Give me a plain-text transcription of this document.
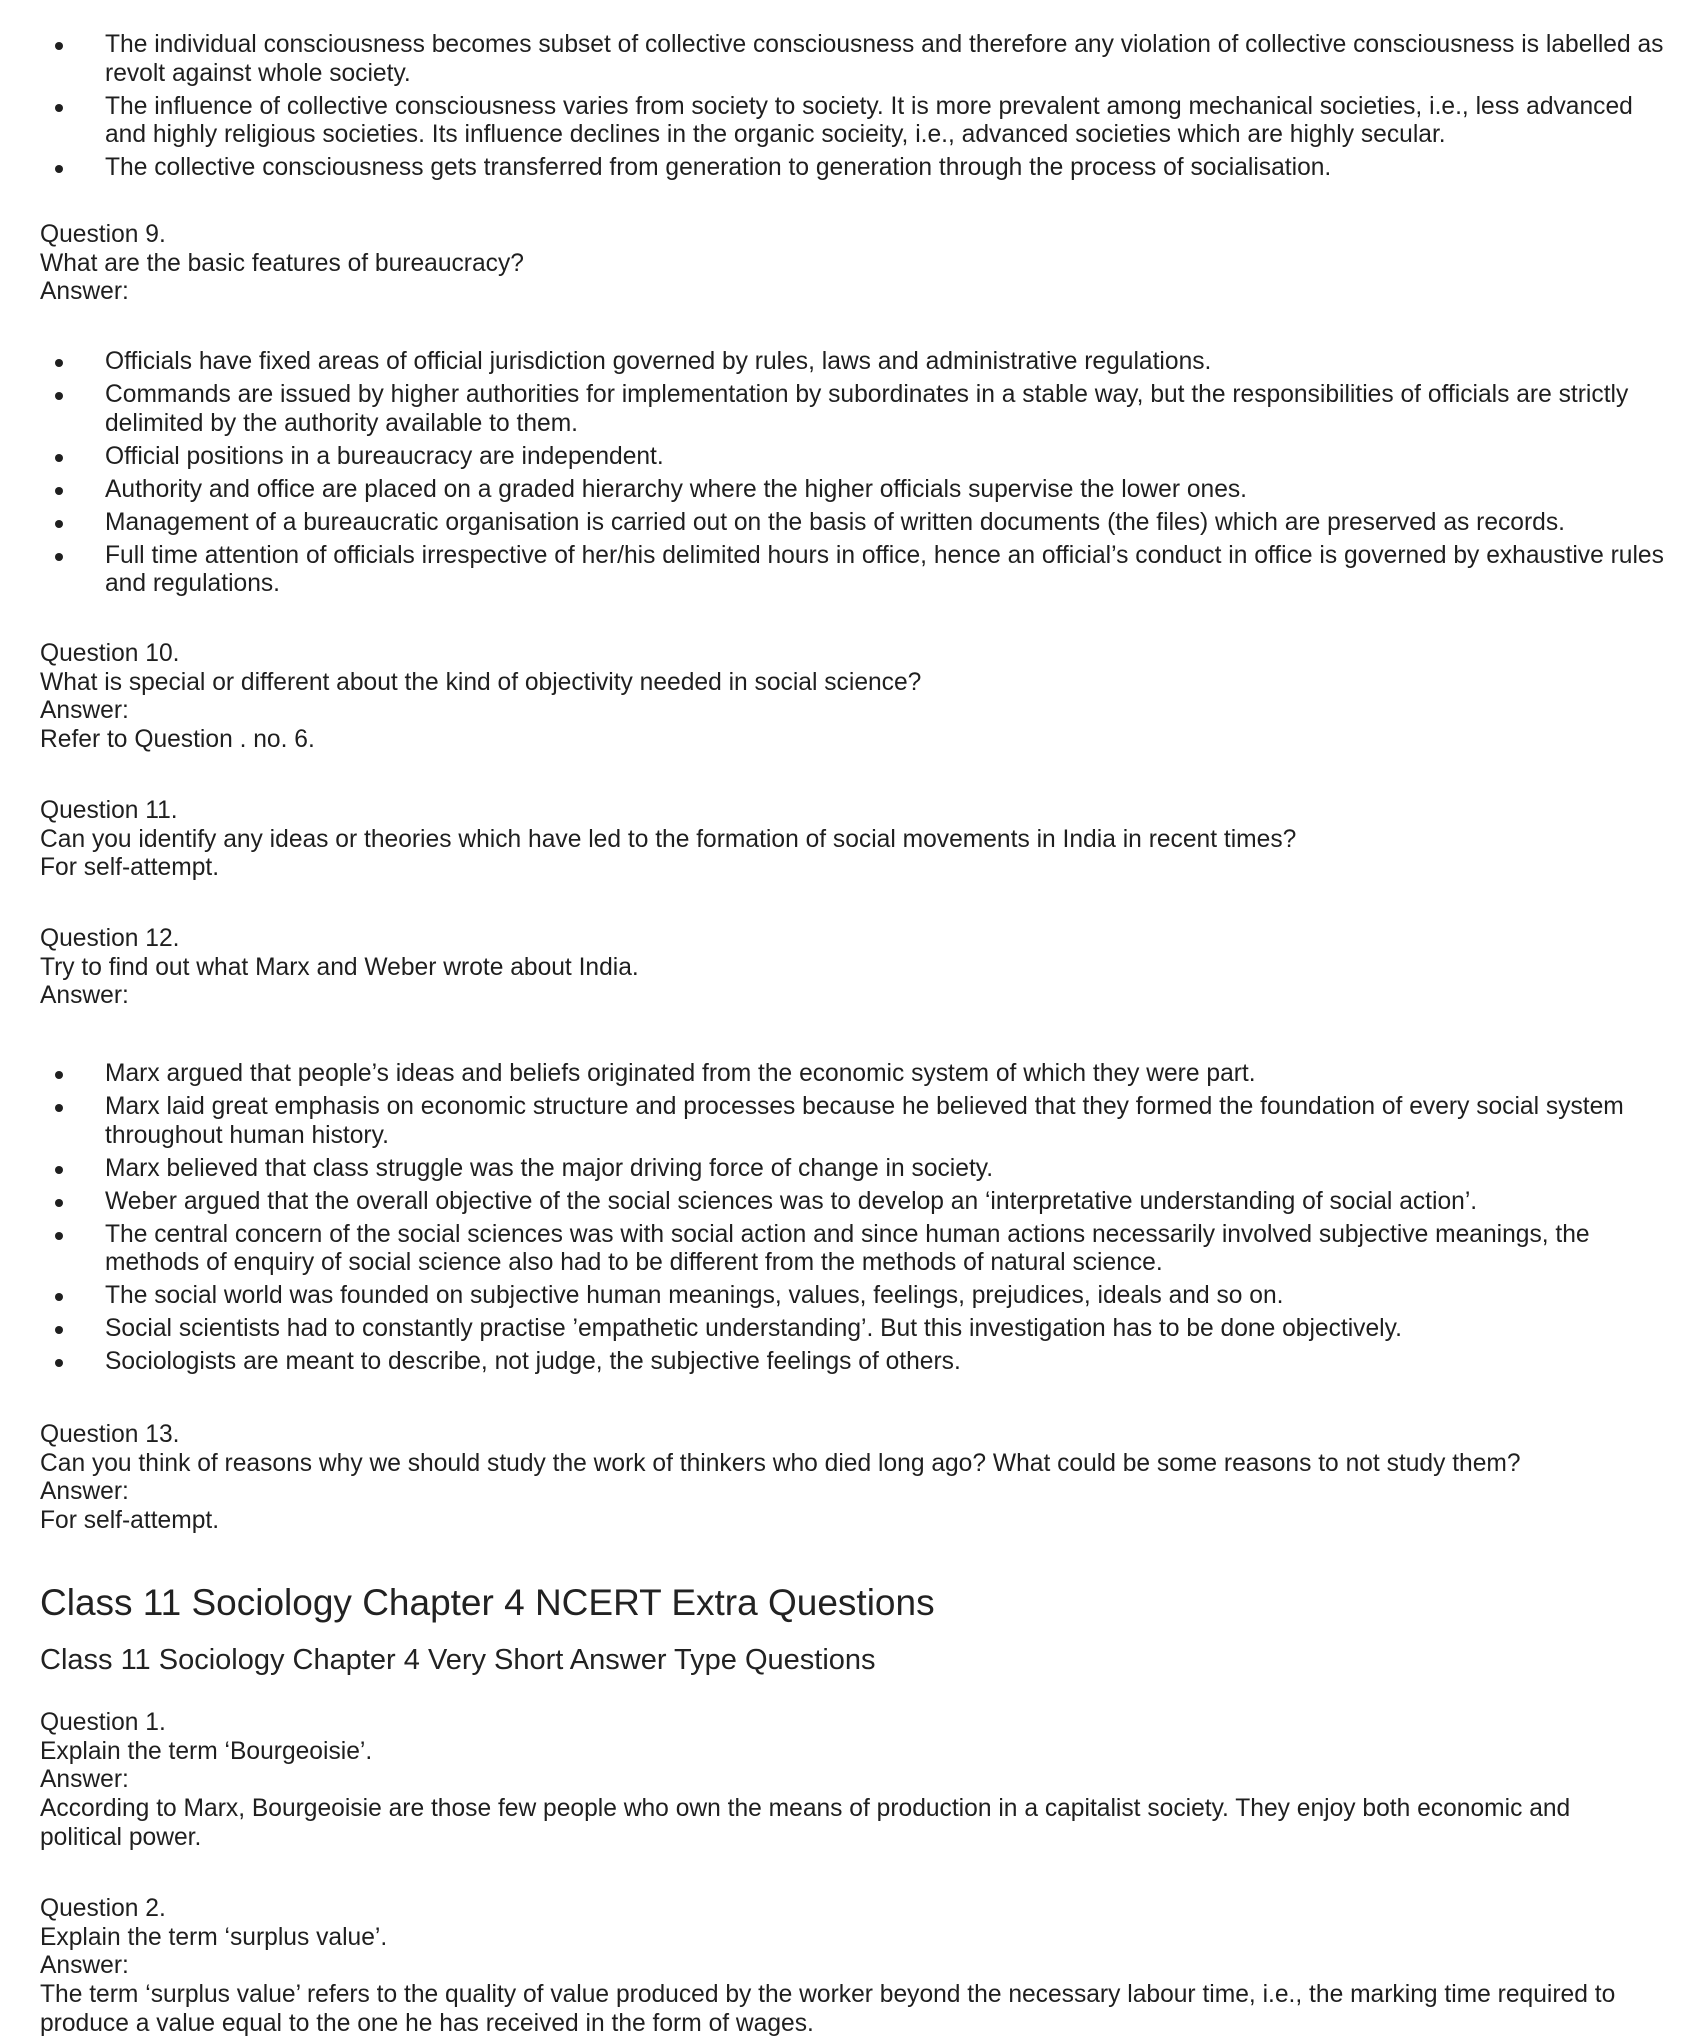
The individual consciousness becomes subset of collective consciousness and therefore any violation of collective consciousness is labelled as revolt against whole society.
The influence of collective consciousness varies from society to society. It is more prevalent among mechanical societies, i.e., less advanced and highly religious societies. Its influence declines in the organic socieity, i.e., advanced societies which are highly secular.
The collective consciousness gets transferred from generation to generation through the process of socialisation.
Question 9.
What are the basic features of bureaucracy?
Answer:
Officials have fixed areas of official jurisdiction governed by rules, laws and administrative regulations.
Commands are issued by higher authorities for implementation by subordinates in a stable way, but the responsibilities of officials are strictly delimited by the authority available to them.
Official positions in a bureaucracy are independent.
Authority and office are placed on a graded hierarchy where the higher officials supervise the lower ones.
Management of a bureaucratic organisation is carried out on the basis of written documents (the files) which are preserved as records.
Full time attention of officials irrespective of her/his delimited hours in office, hence an official’s conduct in office is governed by exhaustive rules and regulations.
Question 10.
What is special or different about the kind of objectivity needed in social science?
Answer:
Refer to Question . no. 6.
Question 11.
Can you identify any ideas or theories which have led to the formation of social movements in India in recent times?
For self-attempt.
Question 12.
Try to find out what Marx and Weber wrote about India.
Answer:
Marx argued that people’s ideas and beliefs originated from the economic system of which they were part.
Marx laid great emphasis on economic structure and processes because he believed that they formed the foundation of every social system throughout human history.
Marx believed that class struggle was the major driving force of change in society.
Weber argued that the overall objective of the social sciences was to develop an ‘interpretative understanding of social action’.
The central concern of the social sciences was with social action and since human actions necessarily involved subjective meanings, the methods of enquiry of social science also had to be different from the methods of natural science.
The social world was founded on subjective human meanings, values, feelings, prejudices, ideals and so on.
Social scientists had to constantly practise ’empathetic understanding’. But this investigation has to be done objectively.
Sociologists are meant to describe, not judge, the subjective feelings of others.
Question 13.
Can you think of reasons why we should study the work of thinkers who died long ago? What could be some reasons to not study them?
Answer:
For self-attempt.
Class 11 Sociology Chapter 4 NCERT Extra Questions
Class 11 Sociology Chapter 4 Very Short Answer Type Questions
Question 1.
Explain the term ‘Bourgeoisie’.
Answer:
According to Marx, Bourgeoisie are those few people who own the means of production in a capitalist society. They enjoy both economic and political power.
Question 2.
Explain the term ‘surplus value’.
Answer:
The term ‘surplus value’ refers to the quality of value produced by the worker beyond the necessary labour time, i.e., the marking time required to produce a value equal to the one he has received in the form of wages.
